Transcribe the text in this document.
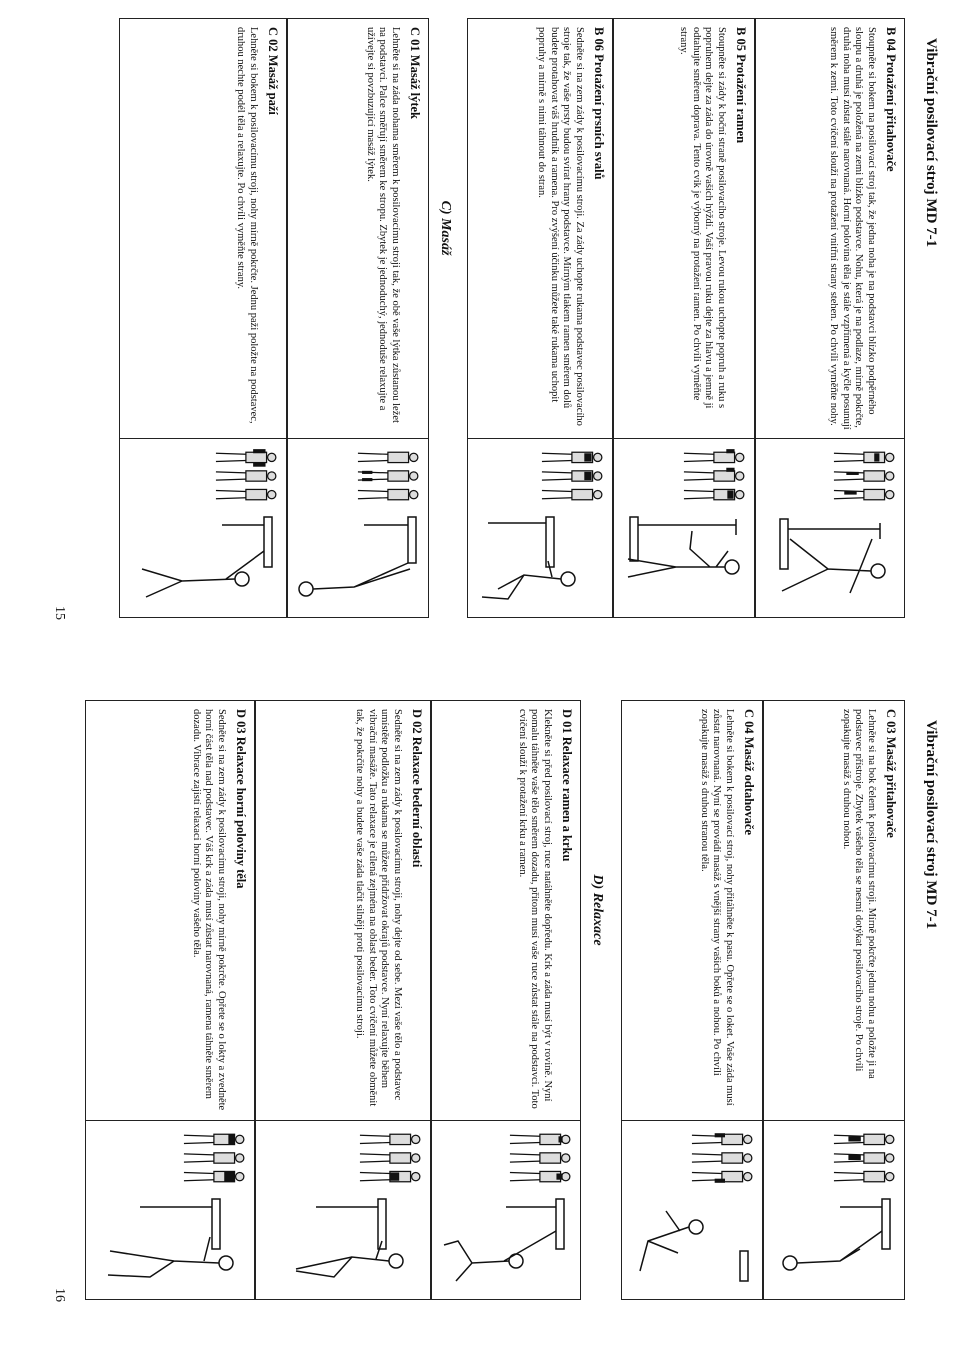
Vibrační posilovací stroj MD 7-1
B 04 Protažení přitahovače
Stoupněte si bokem na posilovací stroj tak, že jedna noha je na podstavci blízko podpěrného sloupu a druhá je položená na zemi blízko podstavce. Nohu, která je na podlaze, mírně pokrčte, druhá noha musí zůstat stále narovnaná. Horní polovina těla je stále vzpřímená a kyčle posunují směrem k zemi. Toto cvičení slouží na protažení vnitřní strany stehen. Po chvíli vyměňte nohy.
B 05 Protažení ramen
Stoupněte si zády k boční straně posilovacího stroje. Levou rukou uchopte popruh a ruku s popruhem dejte za záda do úrovně vašich hýždí. Vaší pravou ruku dejte za hlavu a jemně ji odtahujte směrem doprava. Tento cvik je výborný na protažení ramen. Po chvíli vyměňte strany.
B 06 Protažení prsních svalů
Sedněte si na zem zády k posilovacímu stroji. Za zády uchopte rukama podstavec posilovacího stroje tak, že vaše prsty budou svírat hrany podstavce. Mírným tlakem ramen směrem dolů budete protahovat váš hrudník a ramena. Pro zvýšení účinku můžete také rukama uchopit popruhy a mírně s nimi táhnout do stran.
C) Masáž
C 01 Masáž lýtek
Lehněte si na záda nohama směrem k posilovacímu stroji tak, že obě vaše lýtka zůstanou ležet na podstavci. Palce směřují směrem ke stropu. Zbytek je jednoduchý, jednoduše relaxujte a užívejte si povzbuzující masáž lýtek.
C 02 Masáž paží
Lehněte si bokem k posilovacímu stroji, nohy mírně pokrčte. Jednu paži položte na podstavec, druhou nechte podél těla a relaxujte. Po chvíli vyměňte strany.
15
Vibrační posilovací stroj MD 7-1
C 03 Masáž přitahovače
Lehněte si na bok čelem k posilovacímu stroji. Mírně pokrčte jednu nohu a položte ji na podstavec přístroje. Zbytek vašeho těla se nesmí dotýkat posilovacího stroje. Po chvíli zopakujte masáž s druhou nohou.
C 04 Masáž odtahovače
Lehněte si bokem k posilovací stroj, nohy přitáhněte k pasu. Opřete se o loket. Vaše záda musí zůstat narovnaná. Nyní se provádí masáž s vnější strany vašich boků a nohou. Po chvíli zopakujte masáž s druhou stranou těla.
D) Relaxace
D 01 Relaxace ramen a krku
Klekněte si před posilovací stroj, ruce natáhněte dopředu. Krk a záda musí být v rovině. Nyní pomalu táhněte vaše tělo směrem dozadu, přitom musí vaše ruce zůstat stále na podstavci. Toto cvičení slouží k protažení krku a ramen.
D 02 Relaxace bederní oblasti
Sedněte si na zem zády k posilovacímu stroji, nohy dejte od sebe. Mezi vaše tělo a podstavec umístěte podložku a rukama se můžete přidržovat okrajů podstavce. Nyní relaxujte během vibrační masáže. Tato relaxace je cílená zejména na oblast beder. Toto cvičení můžete obměnit tak, že pokrčíte nohy a budete vaše záda tlačit silněji proti posilovacímu stroji.
D 03 Relaxace horní poloviny těla
Sedněte si na zem zády k posilovacímu stroji, nohy mírně pokrčte. Opřete se o lokty a zvedněte horní část těla nad podstavec. Váš krk a záda musí zůstat narovnaná, ramena táhněte směrem dozadu. Vibrace zajistí relaxaci horní poloviny vašeho těla.
16
